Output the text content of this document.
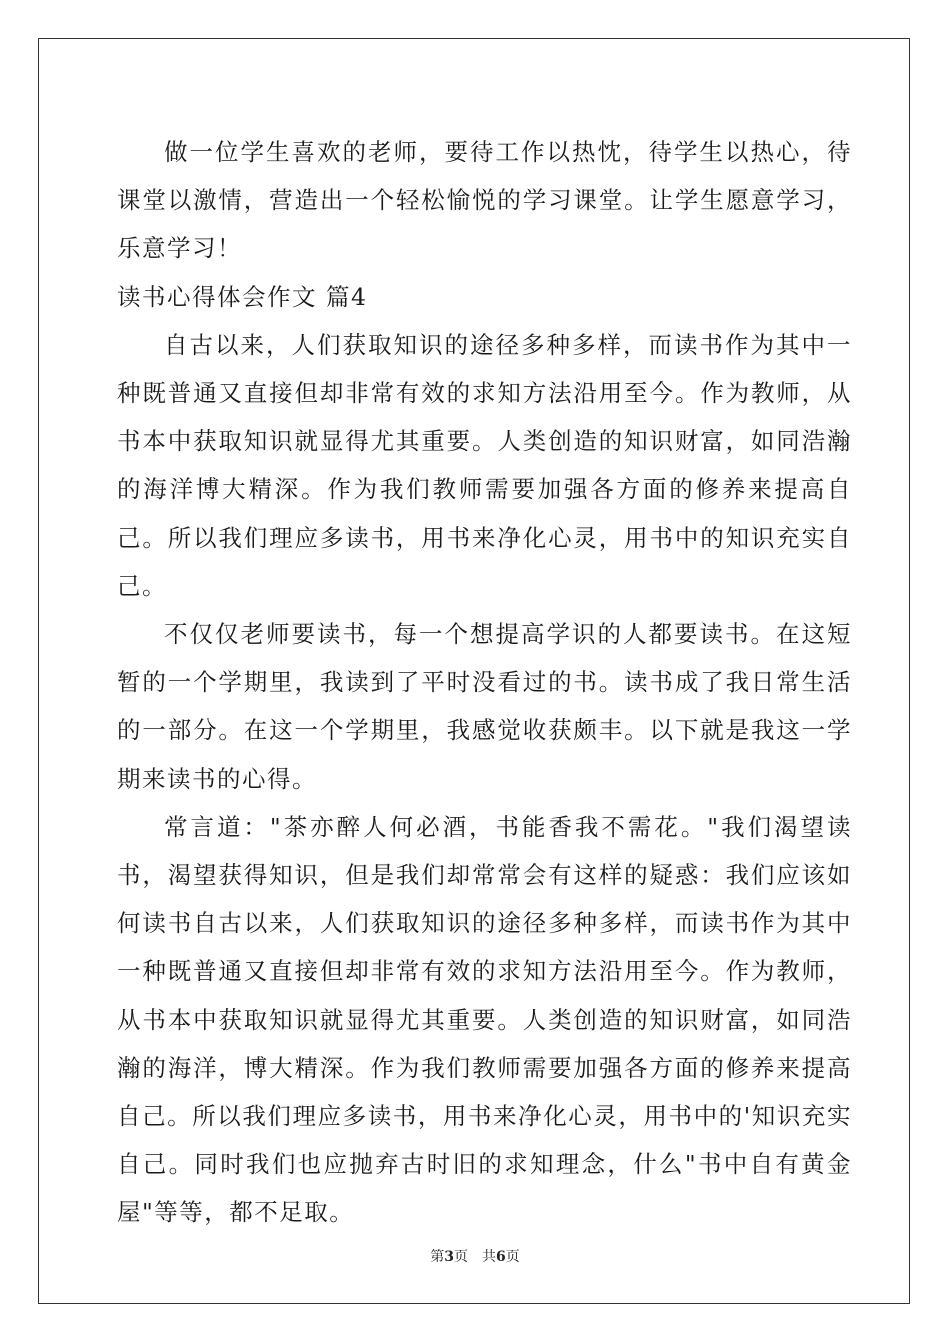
做一位学生喜欢的老师，要待工作以热忱，待学生以热心，待课堂以激情，营造出一个轻松愉悦的学习课堂。让学生愿意学习，乐意学习！

读书心得体会作文 篇4

自古以来，人们获取知识的途径多种多样，而读书作为其中一种既普通又直接但却非常有效的求知方法沿用至今。作为教师，从书本中获取知识就显得尤其重要。人类创造的知识财富，如同浩瀚的海洋博大精深。作为我们教师需要加强各方面的修养来提高自己。所以我们理应多读书，用书来净化心灵，用书中的知识充实自己。

不仅仅老师要读书，每一个想提高学识的人都要读书。在这短暂的一个学期里，我读到了平时没看过的书。读书成了我日常生活的一部分。在这一个学期里，我感觉收获颇丰。以下就是我这一学期来读书的心得。

常言道："茶亦醉人何必酒，书能香我不需花。"我们渴望读书，渴望获得知识，但是我们却常常会有这样的疑惑：我们应该如何读书自古以来，人们获取知识的途径多种多样，而读书作为其中一种既普通又直接但却非常有效的求知方法沿用至今。作为教师，从书本中获取知识就显得尤其重要。人类创造的知识财富，如同浩瀚的海洋，博大精深。作为我们教师需要加强各方面的修养来提高自己。所以我们理应多读书，用书来净化心灵，用书中的'知识充实自己。同时我们也应抛弃古时旧的求知理念，什么"书中自有黄金屋"等等，都不足取。

第3页 共6页
